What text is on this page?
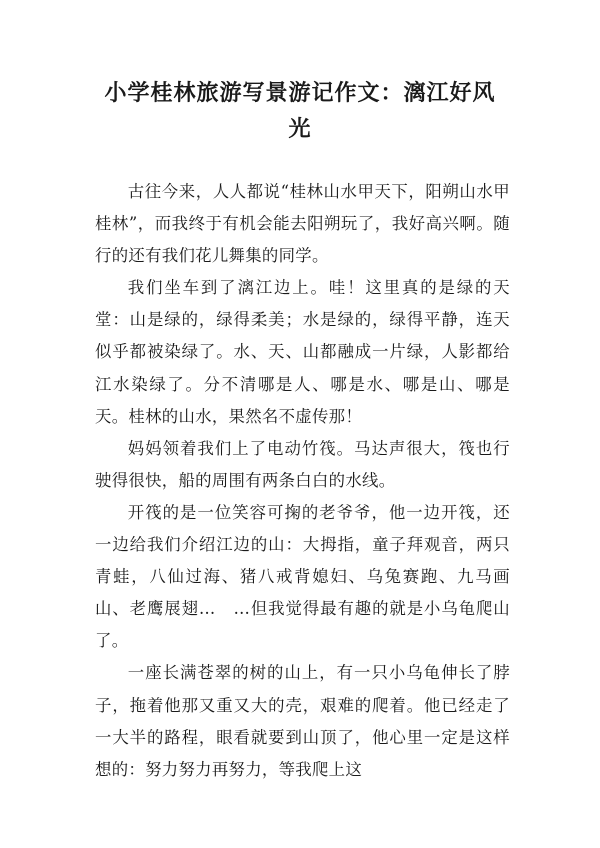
小学桂林旅游写景游记作文：漓江好风光

古往今来，人人都说“桂林山水甲天下，阳朔山水甲桂林”，而我终于有机会能去阳朔玩了，我好高兴啊。随行的还有我们花儿舞集的同学。

我们坐车到了漓江边上。哇！这里真的是绿的天堂：山是绿的，绿得柔美；水是绿的，绿得平静，连天似乎都被染绿了。水、天、山都融成一片绿，人影都给江水染绿了。分不清哪是人、哪是水、哪是山、哪是天。桂林的山水，果然名不虚传那！

妈妈领着我们上了电动竹筏。马达声很大，筏也行驶得很快，船的周围有两条白白的水线。

开筏的是一位笑容可掬的老爷爷，他一边开筏，还一边给我们介绍江边的山：大拇指，童子拜观音，两只青蛙，八仙过海、猪八戒背媳妇、乌兔赛跑、九马画山、老鹰展翅…　…但我觉得最有趣的就是小乌龟爬山了。

一座长满苍翠的树的山上，有一只小乌龟伸长了脖子，拖着他那又重又大的壳，艰难的爬着。他已经走了一大半的路程，眼看就要到山顶了，他心里一定是这样想的：努力努力再努力，等我爬上这
